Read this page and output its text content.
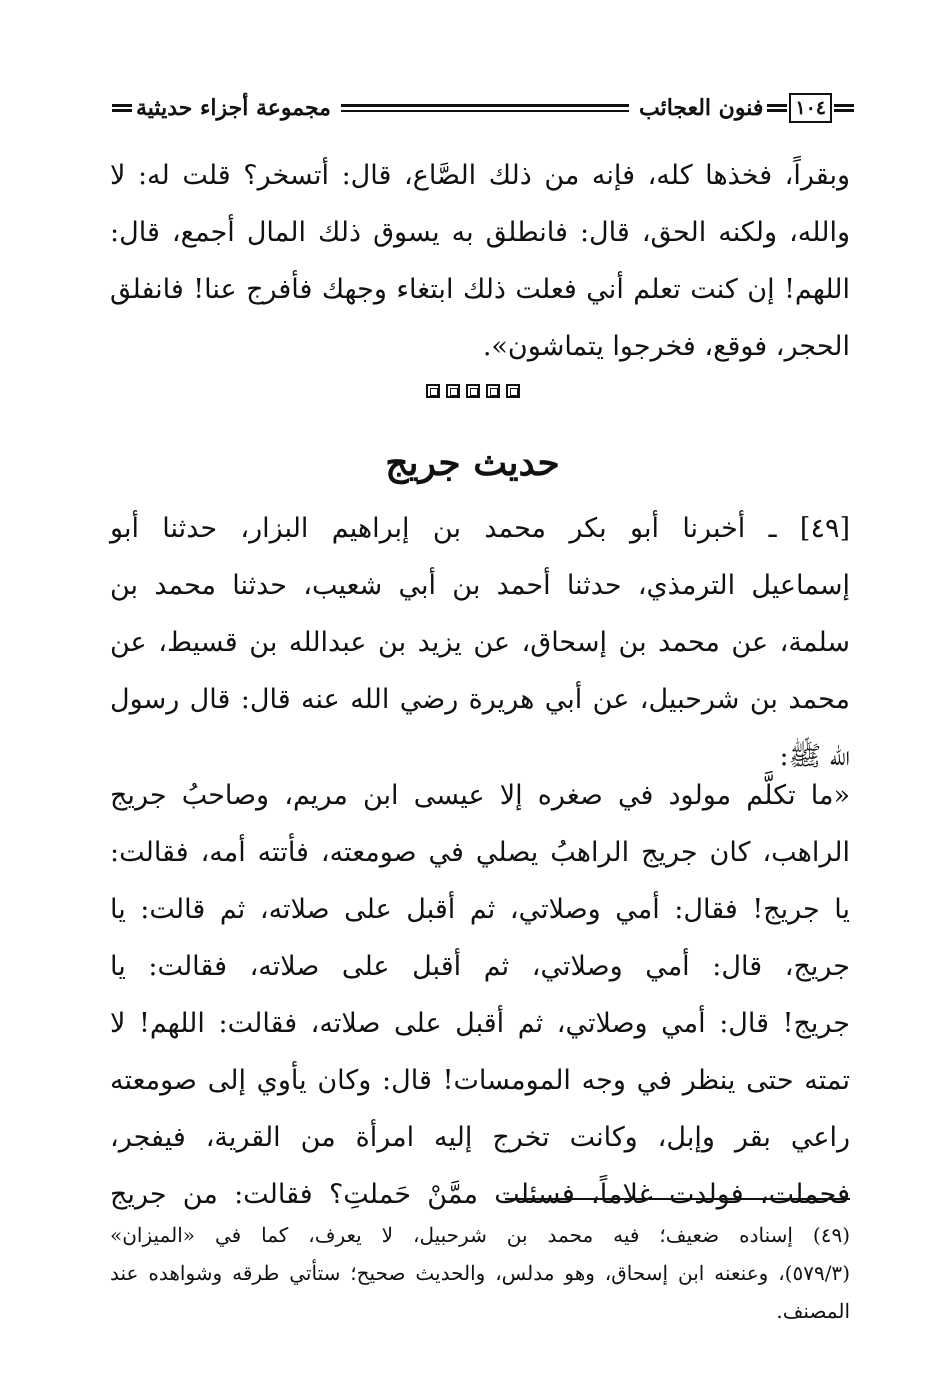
١٠٤
فنون العجائب
مجموعة أجزاء حديثية
وبقراً، فخذها كله، فإنه من ذلك الصَّاع، قال: أتسخر؟ قلت له: لا
والله، ولكنه الحق، قال: فانطلق به يسوق ذلك المال أجمع، قال:
اللهم! إن كنت تعلم أني فعلت ذلك ابتغاء وجهك فأفرج عنا! فانفلق
الحجر، فوقع، فخرجوا يتماشون».
حديث جريج
[٤٩] ـ أخبرنا أبو بكر محمد بن إبراهيم البزار، حدثنا أبو
إسماعيل الترمذي، حدثنا أحمد بن أبي شعيب، حدثنا محمد بن
سلمة، عن محمد بن إسحاق، عن يزيد بن عبدالله بن قسيط، عن
محمد بن شرحبيل، عن أبي هريرة رضي الله عنه قال: قال رسول
الله ﷺ:
«ما تكلَّم مولود في صغره إلا عيسى ابن مريم، وصاحبُ جريج
الراهب، كان جريج الراهبُ يصلي في صومعته، فأتته أمه، فقالت:
يا جريج! فقال: أمي وصلاتي، ثم أقبل على صلاته، ثم قالت: يا
جريج، قال: أمي وصلاتي، ثم أقبل على صلاته، فقالت: يا
جريج! قال: أمي وصلاتي، ثم أقبل على صلاته، فقالت: اللهم! لا
تمته حتى ينظر في وجه المومسات! قال: وكان يأوي إلى صومعته
راعي بقر وإبل، وكانت تخرج إليه امرأة من القرية، فيفجر،
فحملت، فولدت غلاماً، فسئلت ممَّنْ حَملتِ؟ فقالت: من جريج
(٤٩) إسناده ضعيف؛ فيه محمد بن شرحبيل، لا يعرف، كما في «الميزان»
(٥٧٩/٣)، وعنعنه ابن إسحاق، وهو مدلس، والحديث صحيح؛ ستأتي طرقه وشواهده عند
المصنف.
